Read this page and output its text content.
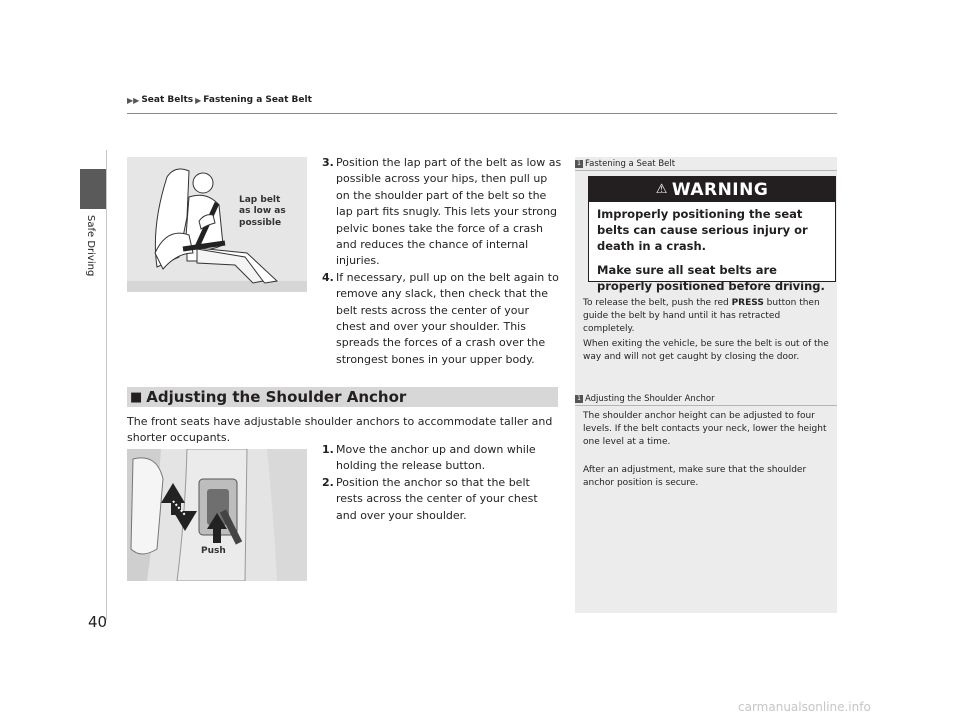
Safe Driving
▶▶ Seat Belts ▶ Fastening a Seat Belt
Lap belt
as low as
possible
3. Position the lap part of the belt as low as possible across your hips, then pull up on the shoulder part of the belt so the lap part fits snugly. This lets your strong pelvic bones take the force of a crash and reduces the chance of internal injuries.
4. If necessary, pull up on the belt again to remove any slack, then check that the belt rests across the center of your chest and over your shoulder. This spreads the forces of a crash over the strongest bones in your upper body.
■ Adjusting the Shoulder Anchor
The front seats have adjustable shoulder anchors to accommodate taller and shorter occupants.
Push
1. Move the anchor up and down while holding the release button.
2. Position the anchor so that the belt rests across the center of your chest and over your shoulder.
1 Fastening a Seat Belt
To release the belt, push the red PRESS button then guide the belt by hand until it has retracted completely.
When exiting the vehicle, be sure the belt is out of the way and will not get caught by closing the door.
1 Adjusting the Shoulder Anchor
The shoulder anchor height can be adjusted to four levels. If the belt contacts your neck, lower the height one level at a time.
After an adjustment, make sure that the shoulder anchor position is secure.
⚠ WARNING

Improperly positioning the seat belts can cause serious injury or death in a crash.

Make sure all seat belts are properly positioned before driving.

40
carmanualsonline.info
